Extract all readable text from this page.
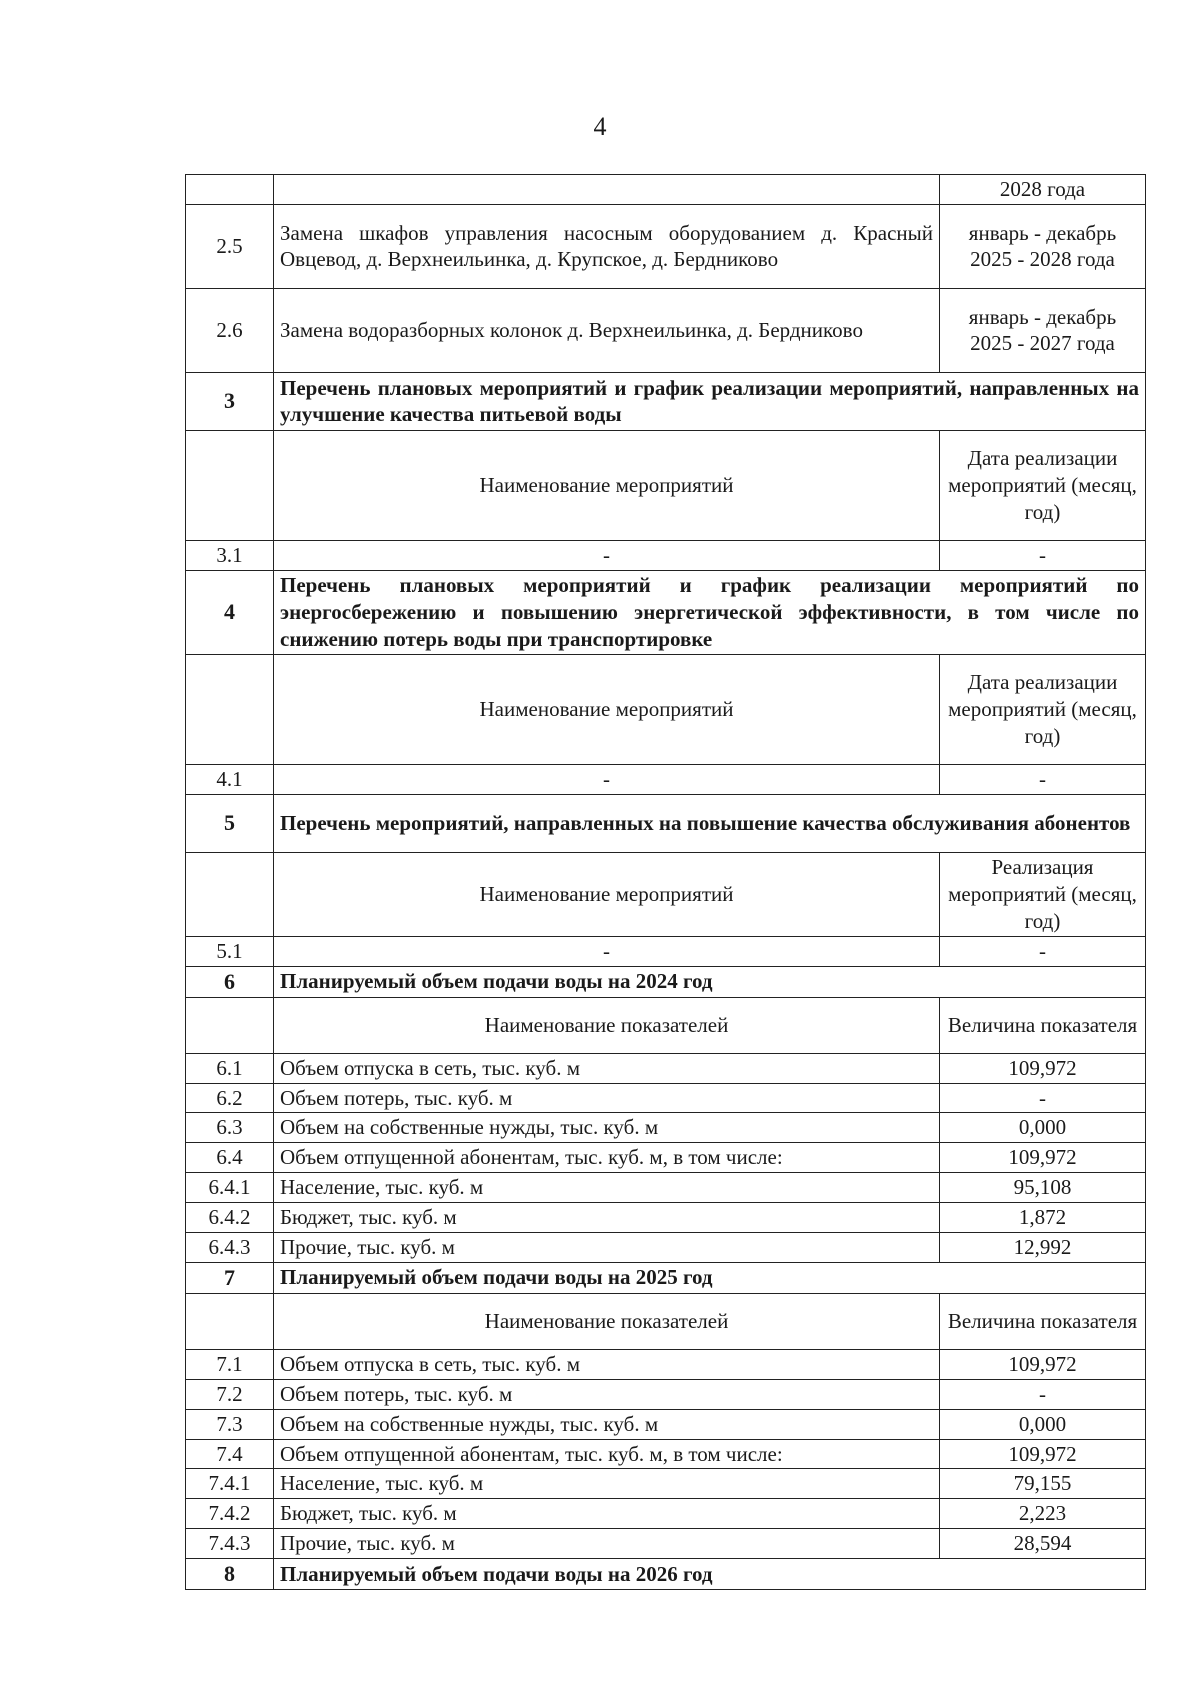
4
		2028 года
2.5	Замена шкафов управления насосным оборудованием д. Красный Овцевод, д. Верхнеильинка, д. Крупское, д. Бердниково	январь - декабрь 2025 - 2028 года
2.6	Замена водоразборных колонок д. Верхнеильинка, д. Бердниково	январь - декабрь 2025 - 2027 года
3	Перечень плановых мероприятий и график реализации мероприятий, направленных на улучшение качества питьевой воды	
	Наименование мероприятий	Дата реализации мероприятий (месяц, год)
3.1	-	-
4	Перечень плановых мероприятий и график реализации мероприятий по энергосбережению и повышению энергетической эффективности, в том числе по снижению потерь воды при транспортировке	
	Наименование мероприятий	Дата реализации мероприятий (месяц, год)
4.1	-	-
5	Перечень мероприятий, направленных на повышение качества обслуживания абонентов	
	Наименование мероприятий	Реализация мероприятий (месяц, год)
5.1	-	-
6	Планируемый объем подачи воды на 2024 год	
	Наименование показателей	Величина показателя
6.1	Объем отпуска в сеть, тыс. куб. м	109,972
6.2	Объем потерь, тыс. куб. м	-
6.3	Объем на собственные нужды, тыс. куб. м	0,000
6.4	Объем отпущенной абонентам, тыс. куб. м, в том числе:	109,972
6.4.1	Население, тыс. куб. м	95,108
6.4.2	Бюджет, тыс. куб. м	1,872
6.4.3	Прочие, тыс. куб. м	12,992
7	Планируемый объем подачи воды на 2025 год	
	Наименование показателей	Величина показателя
7.1	Объем отпуска в сеть, тыс. куб. м	109,972
7.2	Объем потерь, тыс. куб. м	-
7.3	Объем на собственные нужды, тыс. куб. м	0,000
7.4	Объем отпущенной абонентам, тыс. куб. м, в том числе:	109,972
7.4.1	Население, тыс. куб. м	79,155
7.4.2	Бюджет, тыс. куб. м	2,223
7.4.3	Прочие, тыс. куб. м	28,594
8	Планируемый объем подачи воды на 2026 год	
